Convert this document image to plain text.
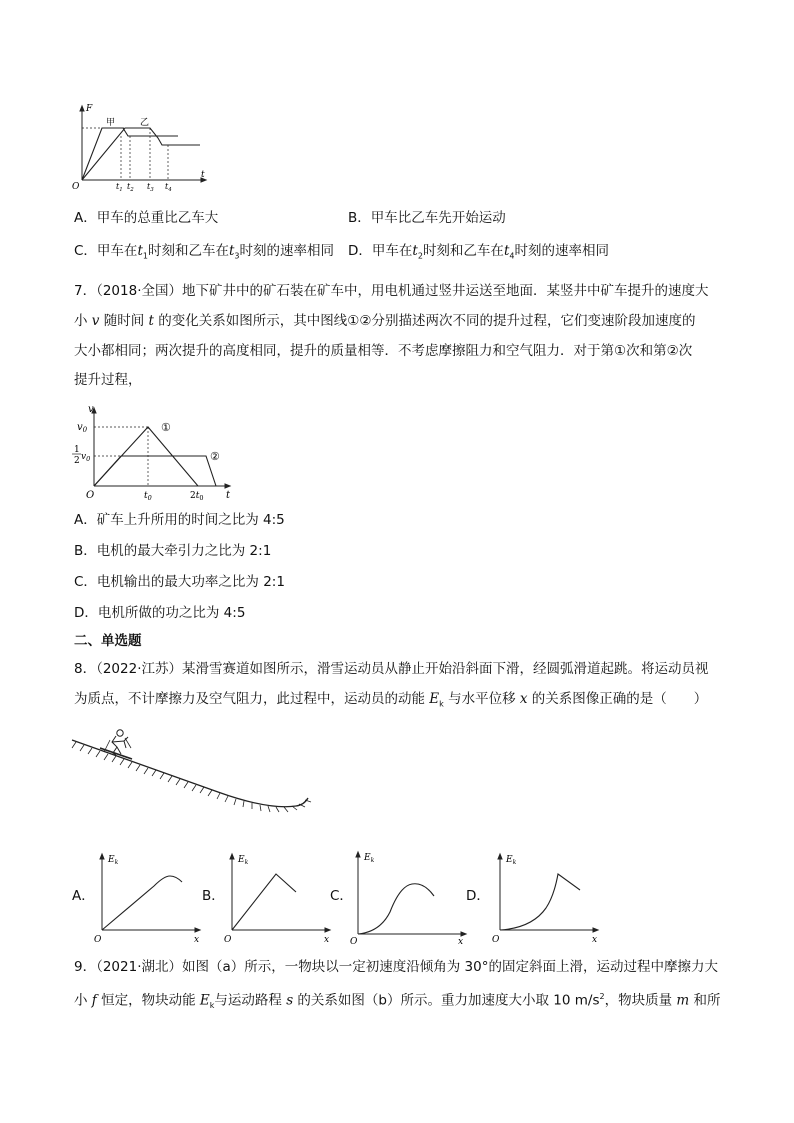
F
t
O
甲	乙
$t_1$ $t_2$ $t_3$ $t_4$
A．甲车的总重比乙车大	B．甲车比乙车先开始运动
C．甲车在$t_1$时刻和乙车在$t_3$时刻的速率相同 D．甲车在$t_2$时刻和乙车在$t_4$时刻的速率相同
7．（2018·全国）地下矿井中的矿石装在矿车中，用电机通过竖井运送至地面．某竖井中矿车提升的速度大
小 v 随时间 t 的变化关系如图所示，其中图线①②分别描述两次不同的提升过程，它们变速阶段加速度的
大小都相同；两次提升的高度相同，提升的质量相等．不考虑摩擦阻力和空气阻力．对于第①次和第②次
提升过程，
v
t
O
$v_0$
1
2 $v_0$
$t_0$	$2t_0$
①
②
A．矿车上升所用的时间之比为 4:5
B．电机的最大牵引力之比为 2:1
C．电机输出的最大功率之比为 2:1
D．电机所做的功之比为 4:5
二、单选题
8．（2022·江苏）某滑雪赛道如图所示，滑雪运动员从静止开始沿斜面下滑，经圆弧滑道起跳。将运动员视
为质点，不计摩擦力及空气阻力，此过程中，运动员的动能 $E_k$ 与水平位移 x 的关系图像正确的是（　　）
A．	B．	C．	D．
$E_k$
x
O
$E_k$
x
O
$E_k$
x
O
$E_k$
x
O
9．（2021·湖北）如图（a）所示，一物块以一定初速度沿倾角为 30°的固定斜面上滑，运动过程中摩擦力大
小 f 恒定，物块动能 $E_k$与运动路程 s 的关系如图（b）所示。重力加速度大小取 10 $m/s^2$，物块质量 m 和所
